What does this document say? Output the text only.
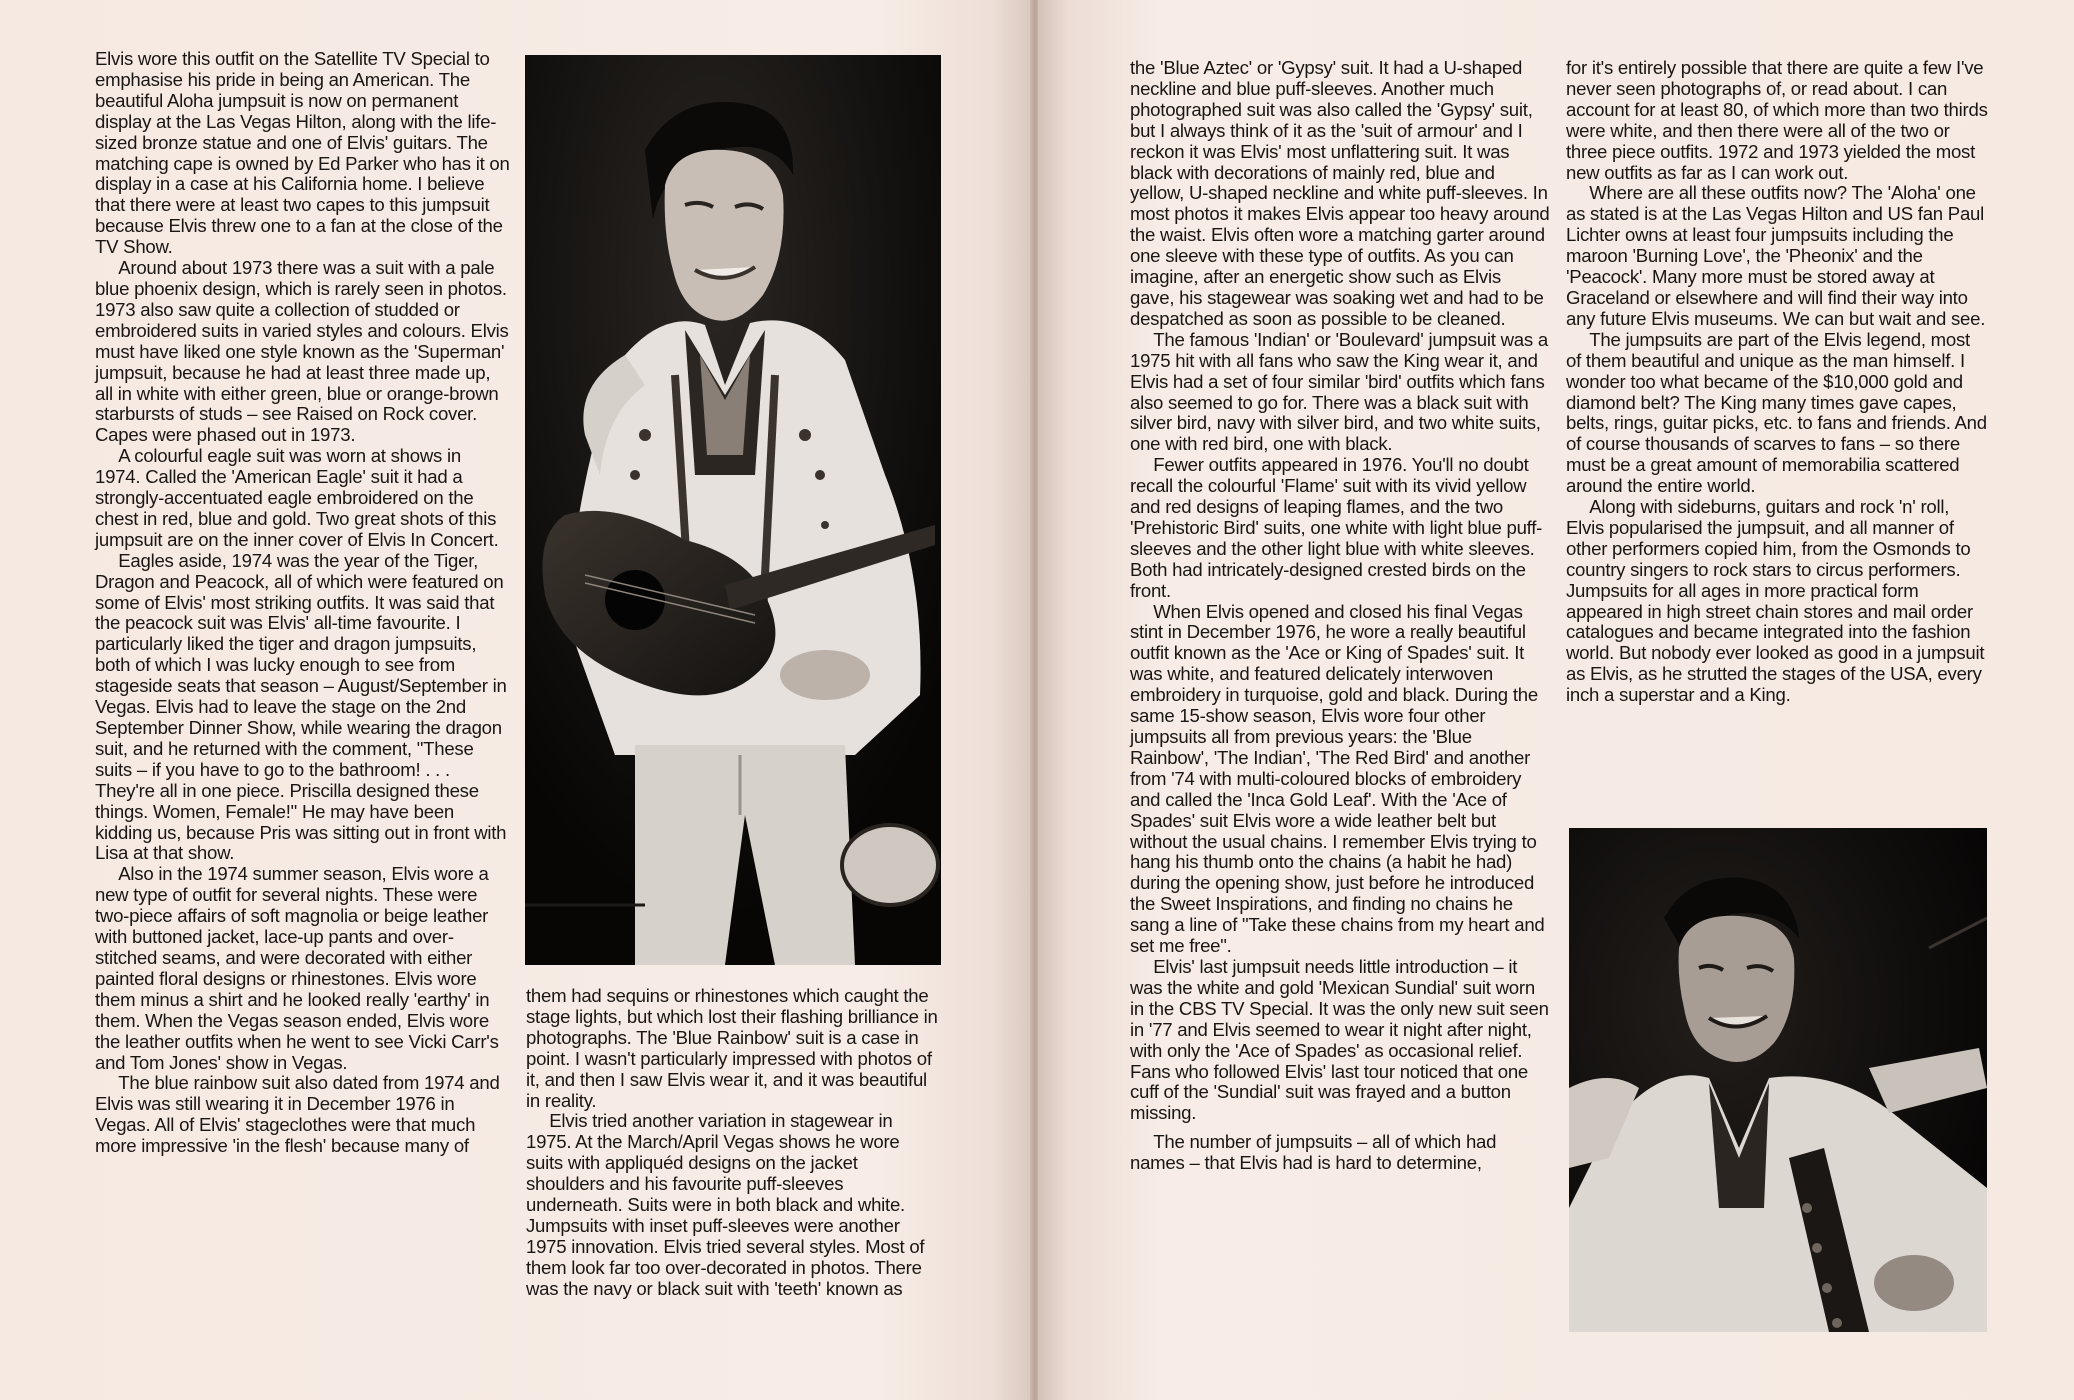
Elvis wore this outfit on the Satellite TV Special to emphasise his pride in being an American. The beautiful Aloha jumpsuit is now on permanent display at the Las Vegas Hilton, along with the life-sized bronze statue and one of Elvis' guitars. The matching cape is owned by Ed Parker who has it on display in a case at his California home. I believe that there were at least two capes to this jumpsuit because Elvis threw one to a fan at the close of the TV Show.

Around about 1973 there was a suit with a pale blue phoenix design, which is rarely seen in photos. 1973 also saw quite a collection of studded or embroidered suits in varied styles and colours. Elvis must have liked one style known as the 'Superman' jumpsuit, because he had at least three made up, all in white with either green, blue or orange-brown starbursts of studs – see Raised on Rock cover. Capes were phased out in 1973.

A colourful eagle suit was worn at shows in 1974. Called the 'American Eagle' suit it had a strongly-accentuated eagle embroidered on the chest in red, blue and gold. Two great shots of this jumpsuit are on the inner cover of Elvis In Concert.

Eagles aside, 1974 was the year of the Tiger, Dragon and Peacock, all of which were featured on some of Elvis' most striking outfits. It was said that the peacock suit was Elvis' all-time favourite. I particularly liked the tiger and dragon jumpsuits, both of which I was lucky enough to see from stageside seats that season – August/September in Vegas. Elvis had to leave the stage on the 2nd September Dinner Show, while wearing the dragon suit, and he returned with the comment, "These suits – if you have to go to the bathroom! . . . They're all in one piece. Priscilla designed these things. Women, Female!" He may have been kidding us, because Pris was sitting out in front with Lisa at that show.

Also in the 1974 summer season, Elvis wore a new type of outfit for several nights. These were two-piece affairs of soft magnolia or beige leather with buttoned jacket, lace-up pants and over-stitched seams, and were decorated with either painted floral designs or rhinestones. Elvis wore them minus a shirt and he looked really 'earthy' in them. When the Vegas season ended, Elvis wore the leather outfits when he went to see Vicki Carr's and Tom Jones' show in Vegas.

The blue rainbow suit also dated from 1974 and Elvis was still wearing it in December 1976 in Vegas. All of Elvis' stageclothes were that much more impressive 'in the flesh' because many of

them had sequins or rhinestones which caught the stage lights, but which lost their flashing brilliance in photographs. The 'Blue Rainbow' suit is a case in point. I wasn't particularly impressed with photos of it, and then I saw Elvis wear it, and it was beautiful in reality.

Elvis tried another variation in stagewear in 1975. At the March/April Vegas shows he wore suits with appliquéd designs on the jacket shoulders and his favourite puff-sleeves underneath. Suits were in both black and white. Jumpsuits with inset puff-sleeves were another 1975 innovation. Elvis tried several styles. Most of them look far too over-decorated in photos. There was the navy or black suit with 'teeth' known as

the 'Blue Aztec' or 'Gypsy' suit. It had a U-shaped neckline and blue puff-sleeves. Another much photographed suit was also called the 'Gypsy' suit, but I always think of it as the 'suit of armour' and I reckon it was Elvis' most unflattering suit. It was black with decorations of mainly red, blue and yellow, U-shaped neckline and white puff-sleeves. In most photos it makes Elvis appear too heavy around the waist. Elvis often wore a matching garter around one sleeve with these type of outfits. As you can imagine, after an energetic show such as Elvis gave, his stagewear was soaking wet and had to be despatched as soon as possible to be cleaned.

The famous 'Indian' or 'Boulevard' jumpsuit was a 1975 hit with all fans who saw the King wear it, and Elvis had a set of four similar 'bird' outfits which fans also seemed to go for. There was a black suit with silver bird, navy with silver bird, and two white suits, one with red bird, one with black.

Fewer outfits appeared in 1976. You'll no doubt recall the colourful 'Flame' suit with its vivid yellow and red designs of leaping flames, and the two 'Prehistoric Bird' suits, one white with light blue puff-sleeves and the other light blue with white sleeves. Both had intricately-designed crested birds on the front.

When Elvis opened and closed his final Vegas stint in December 1976, he wore a really beautiful outfit known as the 'Ace or King of Spades' suit. It was white, and featured delicately interwoven embroidery in turquoise, gold and black. During the same 15-show season, Elvis wore four other jumpsuits all from previous years: the 'Blue Rainbow', 'The Indian', 'The Red Bird' and another from '74 with multi-coloured blocks of embroidery and called the 'Inca Gold Leaf'. With the 'Ace of Spades' suit Elvis wore a wide leather belt but without the usual chains. I remember Elvis trying to hang his thumb onto the chains (a habit he had) during the opening show, just before he introduced the Sweet Inspirations, and finding no chains he sang a line of "Take these chains from my heart and set me free".

Elvis' last jumpsuit needs little introduction – it was the white and gold 'Mexican Sundial' suit worn in the CBS TV Special. It was the only new suit seen in '77 and Elvis seemed to wear it night after night, with only the 'Ace of Spades' as occasional relief. Fans who followed Elvis' last tour noticed that one cuff of the 'Sundial' suit was frayed and a button missing.

The number of jumpsuits – all of which had names – that Elvis had is hard to determine,

for it's entirely possible that there are quite a few I've never seen photographs of, or read about. I can account for at least 80, of which more than two thirds were white, and then there were all of the two or three piece outfits. 1972 and 1973 yielded the most new outfits as far as I can work out.

Where are all these outfits now? The 'Aloha' one as stated is at the Las Vegas Hilton and US fan Paul Lichter owns at least four jumpsuits including the maroon 'Burning Love', the 'Pheonix' and the 'Peacock'. Many more must be stored away at Graceland or elsewhere and will find their way into any future Elvis museums. We can but wait and see.

The jumpsuits are part of the Elvis legend, most of them beautiful and unique as the man himself. I wonder too what became of the $10,000 gold and diamond belt? The King many times gave capes, belts, rings, guitar picks, etc. to fans and friends. And of course thousands of scarves to fans – so there must be a great amount of memorabilia scattered around the entire world.

Along with sideburns, guitars and rock 'n' roll, Elvis popularised the jumpsuit, and all manner of other performers copied him, from the Osmonds to country singers to rock stars to circus performers. Jumpsuits for all ages in more practical form appeared in high street chain stores and mail order catalogues and became integrated into the fashion world. But nobody ever looked as good in a jumpsuit as Elvis, as he strutted the stages of the USA, every inch a superstar and a King.
